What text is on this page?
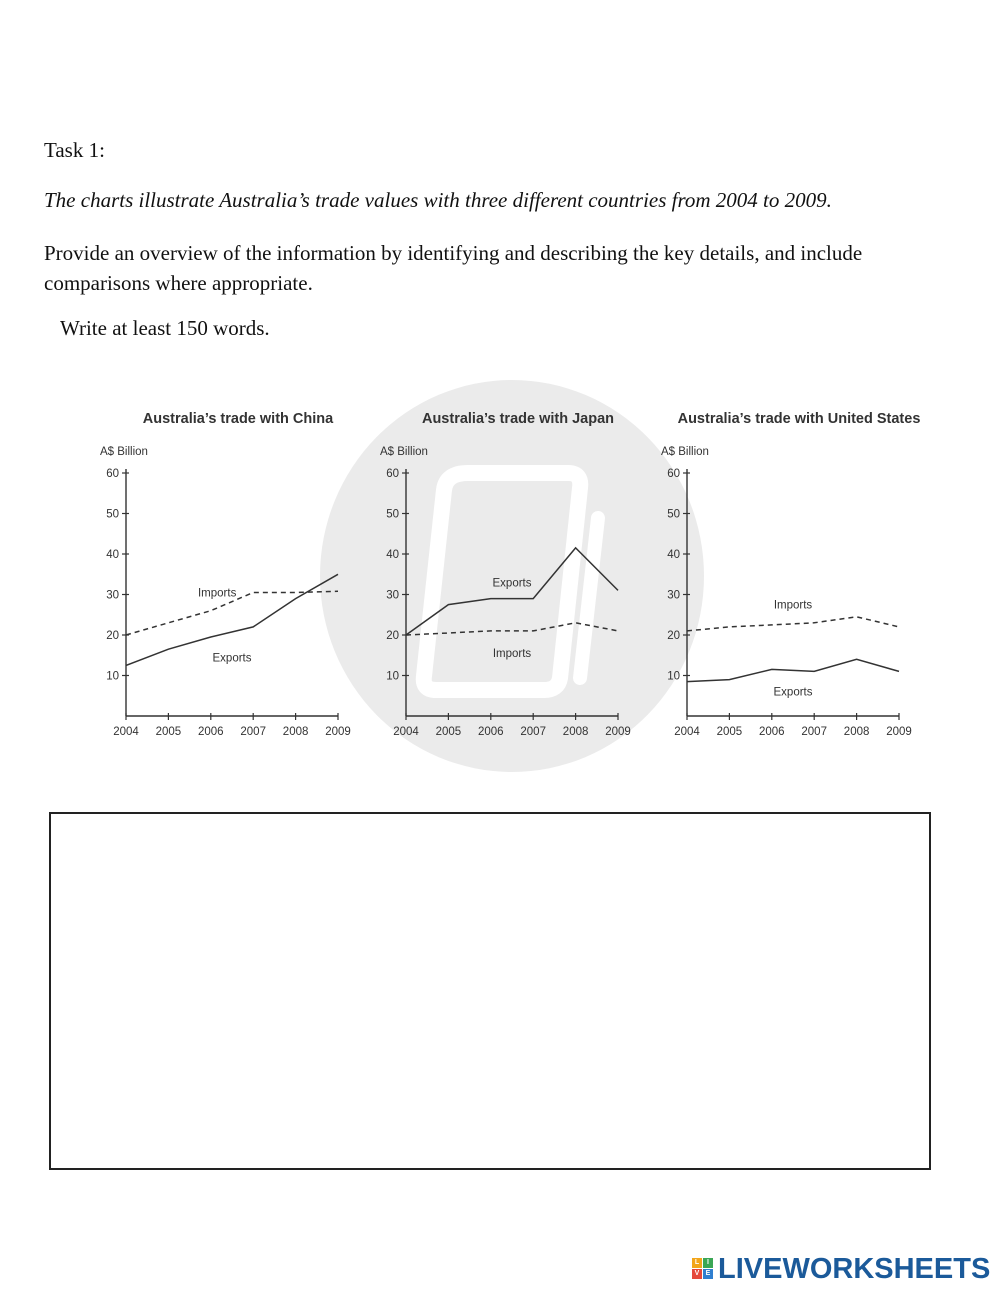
Task 1:
The charts illustrate Australia’s trade values with three different countries from 2004 to 2009.
Provide an overview of the information by identifying and describing the key details, and include comparisons where appropriate.
Write at least 150 words.
Australia’s trade with China
A$ Billion
10
20
30
40
50
60
2004 2005 2006 2007 2008 2009
Imports
Exports
Australia’s trade with Japan
A$ Billion
10
20
30
40
50
60
2004 2005 2006 2007 2008 2009
Exports
Imports
Australia’s trade with United States
A$ Billion
10
20
30
40
50
60
2004 2005 2006 2007 2008 2009
Imports
Exports
L	I
V E LIVEWORKSHEETS
